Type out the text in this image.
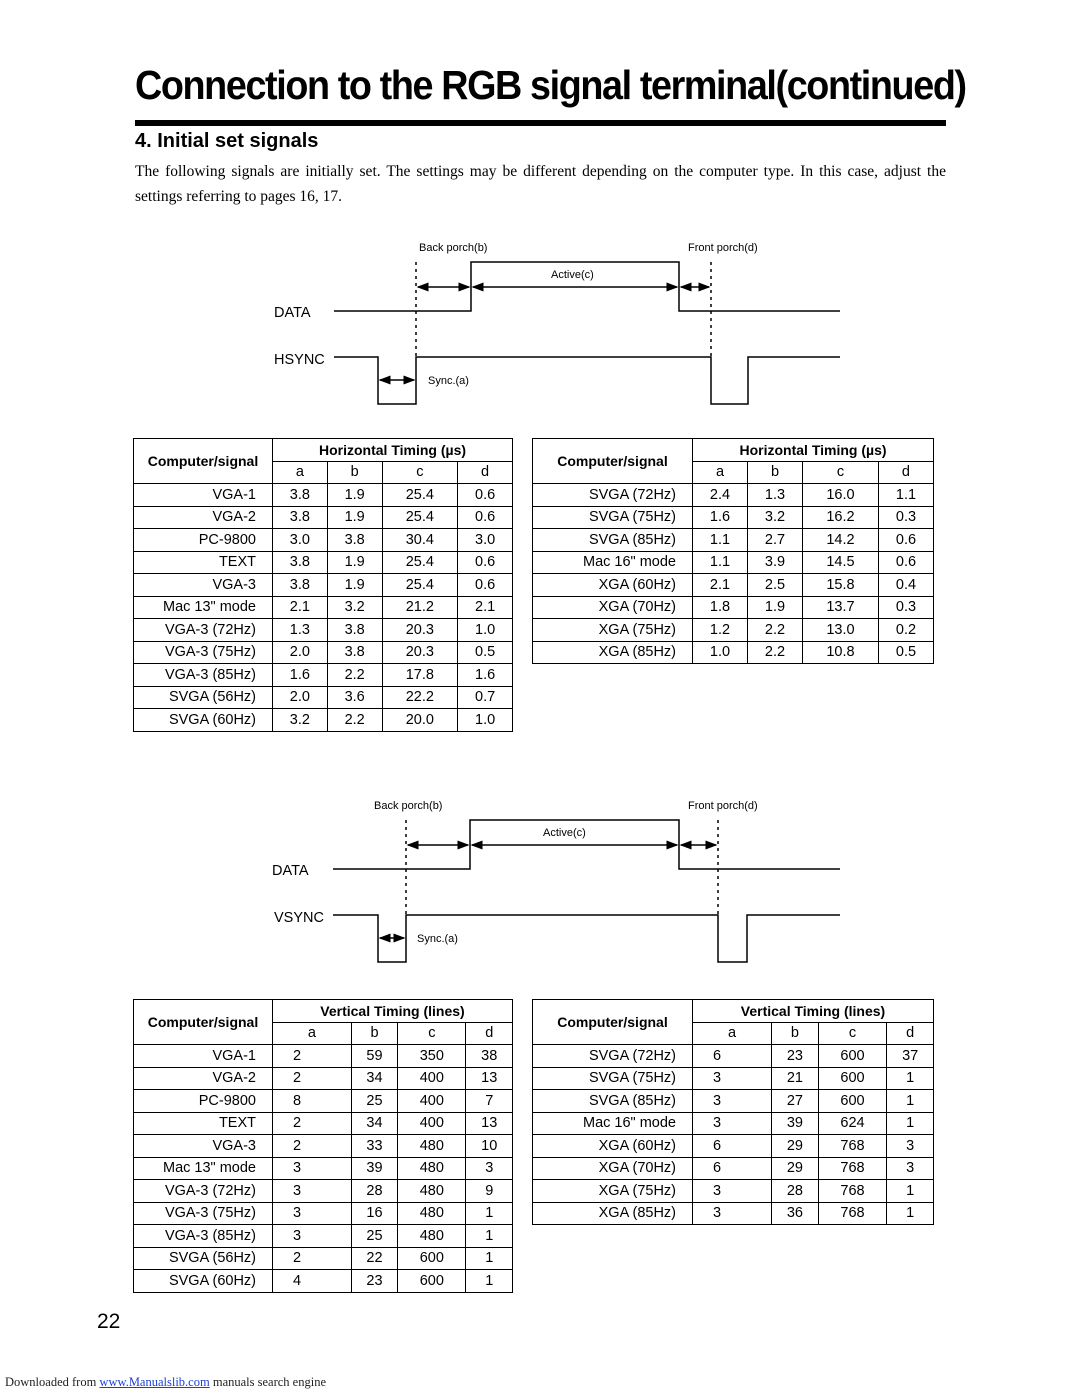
Connection to the RGB signal terminal(continued)
4. Initial set signals

The following signals are initially set. The settings may be different depending on the computer type. In this case, adjust the settings referring to pages 16, 17.

Back porch(b)	Front porch(d)
Active(c)
DATA
HSYNC
Sync.(a)
Computer/signal	Horizontal Timing (µs)			
	a	b	c	d
VGA-1	3.8	1.9	25.4	0.6
VGA-2	3.8	1.9	25.4	0.6
PC-9800	3.0	3.8	30.4	3.0
TEXT	3.8	1.9	25.4	0.6
VGA-3	3.8	1.9	25.4	0.6
Mac 13" mode	2.1	3.2	21.2	2.1
VGA-3 (72Hz)	1.3	3.8	20.3	1.0
VGA-3 (75Hz)	2.0	3.8	20.3	0.5
VGA-3 (85Hz)	1.6	2.2	17.8	1.6
SVGA (56Hz)	2.0	3.6	22.2	0.7
SVGA (60Hz)	3.2	2.2	20.0	1.0
Computer/signal	Horizontal Timing (µs)			
	a	b	c	d
SVGA (72Hz)	2.4	1.3	16.0	1.1
SVGA (75Hz)	1.6	3.2	16.2	0.3
SVGA (85Hz)	1.1	2.7	14.2	0.6
Mac 16" mode	1.1	3.9	14.5	0.6
XGA (60Hz)	2.1	2.5	15.8	0.4
XGA (70Hz)	1.8	1.9	13.7	0.3
XGA (75Hz)	1.2	2.2	13.0	0.2
XGA (85Hz)	1.0	2.2	10.8	0.5
Back porch(b)	Front porch(d)
Active(c)
DATA
VSYNC
Sync.(a)
Computer/signal	Vertical Timing (lines)			
	a	b	c	d
VGA-1	2	59	350	38
VGA-2	2	34	400	13
PC-9800	8	25	400	7
TEXT	2	34	400	13
VGA-3	2	33	480	10
Mac 13" mode	3	39	480	3
VGA-3 (72Hz)	3	28	480	9
VGA-3 (75Hz)	3	16	480	1
VGA-3 (85Hz)	3	25	480	1
SVGA (56Hz)	2	22	600	1
SVGA (60Hz)	4	23	600	1
Computer/signal	Vertical Timing (lines)			
	a	b	c	d
SVGA (72Hz)	6	23	600	37
SVGA (75Hz)	3	21	600	1
SVGA (85Hz)	3	27	600	1
Mac 16" mode	3	39	624	1
XGA (60Hz)	6	29	768	3
XGA (70Hz)	6	29	768	3
XGA (75Hz)	3	28	768	1
XGA (85Hz)	3	36	768	1
22
Downloaded from www.Manualslib.com manuals search engine
